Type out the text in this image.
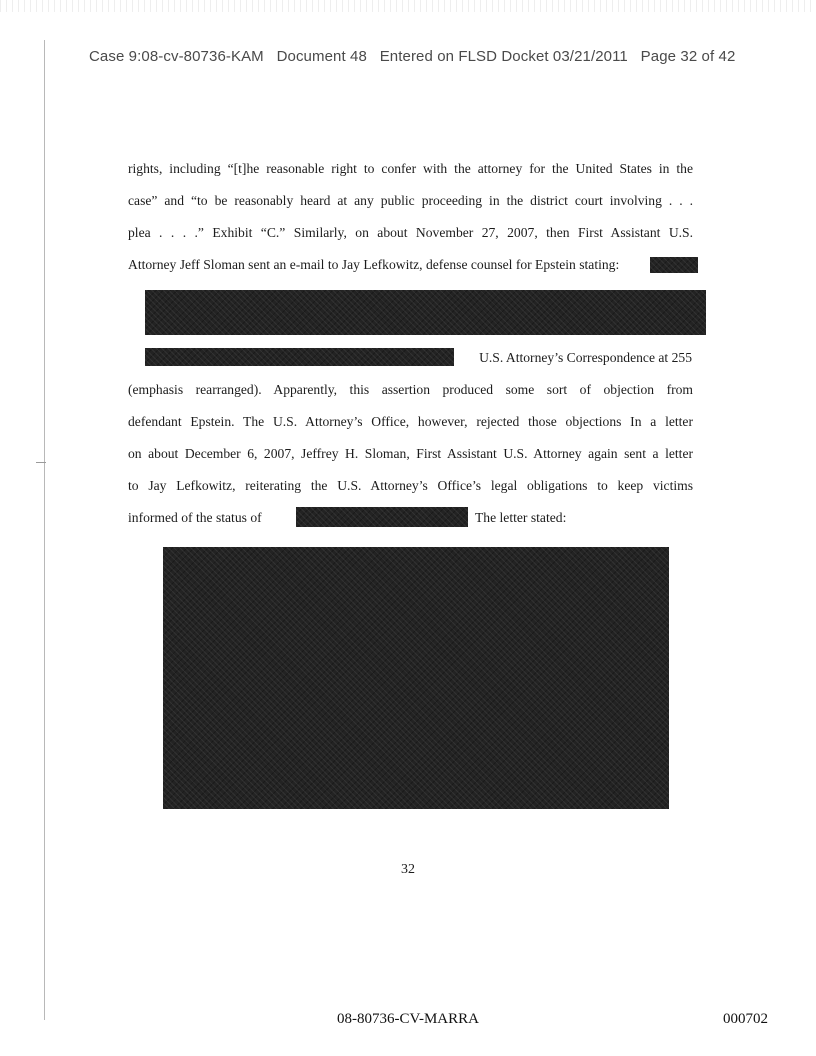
Case 9:08-cv-80736-KAM   Document 48   Entered on FLSD Docket 03/21/2011   Page 32 of 42
rights, including “[t]he reasonable right to confer with the attorney for the United States in the
case” and “to be reasonably heard at any public proceeding in the district court involving . . .
plea . . . .” Exhibit “C.” Similarly, on about November 27, 2007, then First Assistant U.S.
Attorney Jeff Sloman sent an e-mail to Jay Lefkowitz, defense counsel for Epstein stating:
U.S. Attorney’s Correspondence at 255
(emphasis rearranged). Apparently, this assertion produced some sort of objection from
defendant Epstein. The U.S. Attorney’s Office, however, rejected those objections In a letter
on about December 6, 2007, Jeffrey H. Sloman, First Assistant U.S. Attorney again sent a letter
to Jay Lefkowitz, reiterating the U.S. Attorney’s Office’s legal obligations to keep victims
informed of the status of	The letter stated:
32
08-80736-CV-MARRA	000702
